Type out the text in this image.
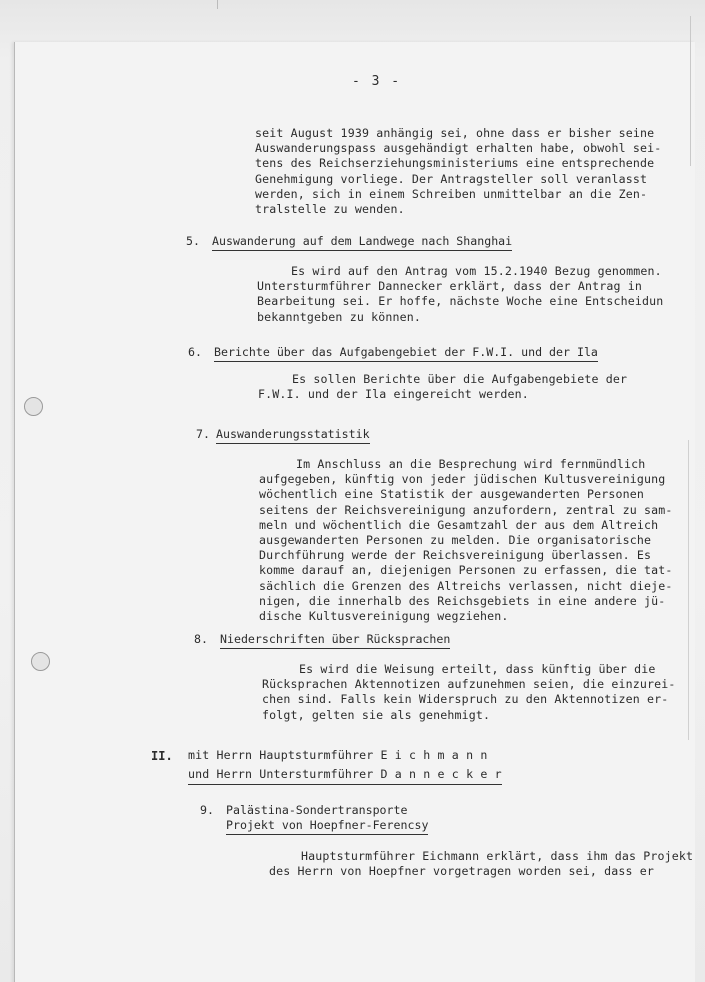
- 3 -
seit August 1939 anhängig sei, ohne dass er bisher seine
Auswanderungspass ausgehändigt erhalten habe, obwohl sei-
tens des Reichserziehungsministeriums eine entsprechende
Genehmigung vorliege. Der Antragsteller soll veranlasst
werden, sich in einem Schreiben unmittelbar an die Zen-
tralstelle zu wenden.
5. Auswanderung auf dem Landwege nach Shanghai
Es wird auf den Antrag vom 15.2.1940 Bezug genommen.
Untersturmführer Dannecker erklärt, dass der Antrag in
Bearbeitung sei. Er hoffe, nächste Woche eine Entscheidun
bekanntgeben zu können.
6. Berichte über das Aufgabengebiet der F.W.I. und der Ila
Es sollen Berichte über die Aufgabengebiete der
F.W.I. und der Ila eingereicht werden.
7. Auswanderungsstatistik
Im Anschluss an die Besprechung wird fernmündlich
aufgegeben, künftig von jeder jüdischen Kultusvereinigung
wöchentlich eine Statistik der ausgewanderten Personen
seitens der Reichsvereinigung anzufordern, zentral zu sam-
meln und wöchentlich die Gesamtzahl der aus dem Altreich
ausgewanderten Personen zu melden. Die organisatorische
Durchführung werde der Reichsvereinigung überlassen. Es
komme darauf an, diejenigen Personen zu erfassen, die tat-
sächlich die Grenzen des Altreichs verlassen, nicht dieje-
nigen, die innerhalb des Reichsgebiets in eine andere jü-
dische Kultusvereinigung wegziehen.
8. Niederschriften über Rücksprachen
Es wird die Weisung erteilt, dass künftig über die
Rücksprachen Aktennotizen aufzunehmen seien, die einzurei-
chen sind. Falls kein Widerspruch zu den Aktennotizen er-
folgt, gelten sie als genehmigt.
II. mit Herrn Hauptsturmführer E i c h m a n n
und Herrn Untersturmführer D a n n e c k e r
9. Palästina-Sondertransporte
Projekt von Hoepfner-Ferencsy
Hauptsturmführer Eichmann erklärt, dass ihm das Projekt
des Herrn von Hoepfner vorgetragen worden sei, dass er
